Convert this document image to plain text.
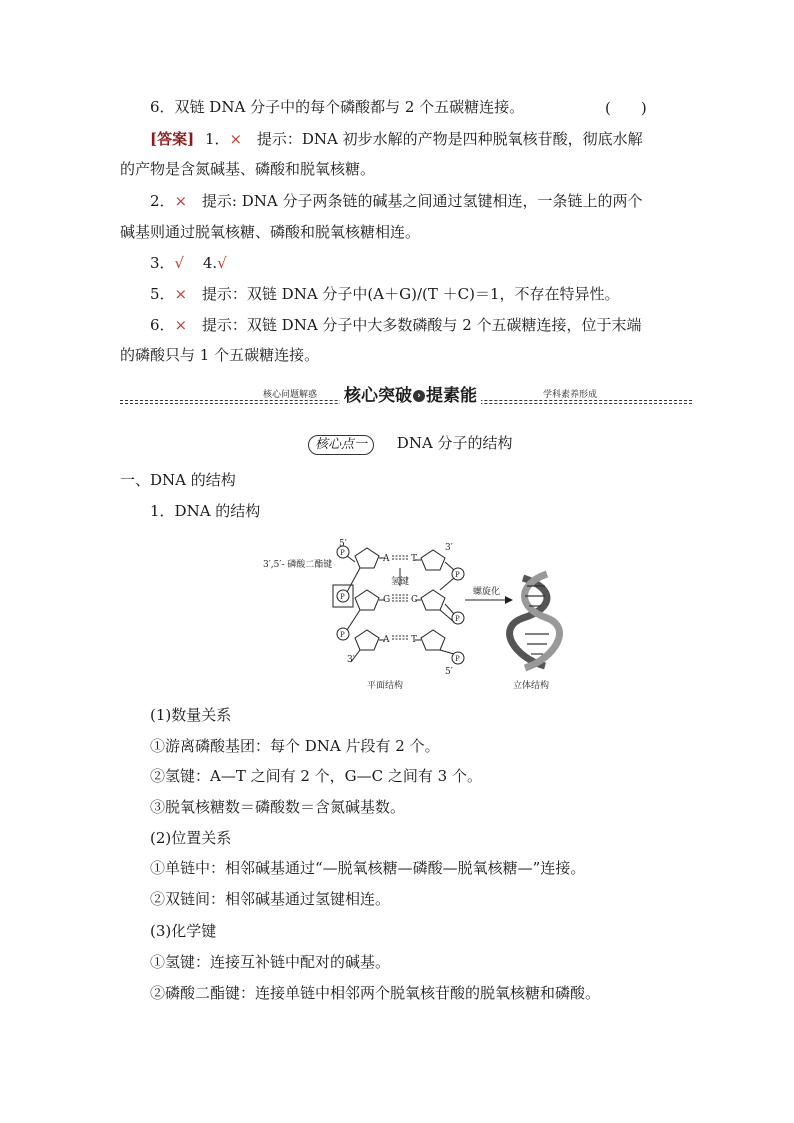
6．双链 DNA 分子中的每个磷酸都与 2 个五碳糖连接。	(　　)
[答案] 1．× 提示：DNA 初步水解的产物是四种脱氧核苷酸，彻底水解
的产物是含氮碱基、磷酸和脱氧核糖。
2．× 提示: DNA 分子两条链的碱基之间通过氢键相连，一条链上的两个
碱基则通过脱氧核糖、磷酸和脱氧核糖相连。
3．√ 4.√
5．× 提示：双链 DNA 分子中(A＋G)/(T ＋C)＝1，不存在特异性。
6．× 提示：双链 DNA 分子中大多数磷酸与 2 个五碳糖连接，位于末端
的磷酸只与 1 个五碳糖连接。
核心问题解惑 核心突破 › 提素能	学科素养形成
核心点一 DNA 分子的结构
一、DNA 的结构
1．DNA 的结构
5′	3′
3′,5′- 磷酸二酯键
氢键
螺旋化
3′
5′
A T
G C
A T
P
P
P
P
P
P
平面结构	立体结构
(1)数量关系
①游离磷酸基团：每个 DNA 片段有 2 个。
②氢键：A—T 之间有 2 个，G—C 之间有 3 个。
③脱氧核糖数＝磷酸数＝含氮碱基数。
(2)位置关系
①单链中：相邻碱基通过“—脱氧核糖—磷酸—脱氧核糖—”连接。
②双链间：相邻碱基通过氢键相连。
(3)化学键
①氢键：连接互补链中配对的碱基。
②磷酸二酯键：连接单链中相邻两个脱氧核苷酸的脱氧核糖和磷酸。
